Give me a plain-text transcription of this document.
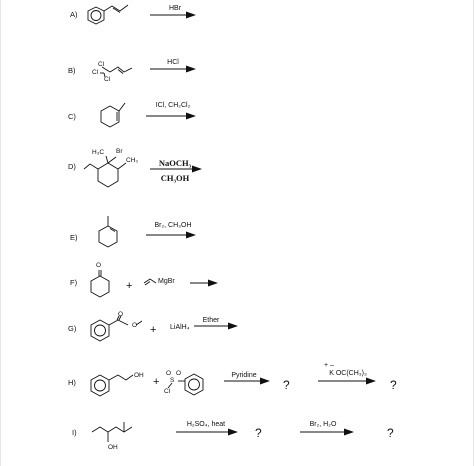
A)
B)
C)
D)
E)
F)
G)
H)
I)
HBr
HCl
ICl, CH₂Cl₂
NaOCH₃
CH₃OH
Br₂, CH₃OH
MgBr
LiAlH₄
Ether
Pyridine	K OC(CH₃)₃
+ –
H₂SO₄, heat	Br₂, H₂O
+
+
+	?	?
?	?
Cl
Cl
Cl
H₃C Br
CH₃
O
O
O
OH	O
S
O
Cl
OH
